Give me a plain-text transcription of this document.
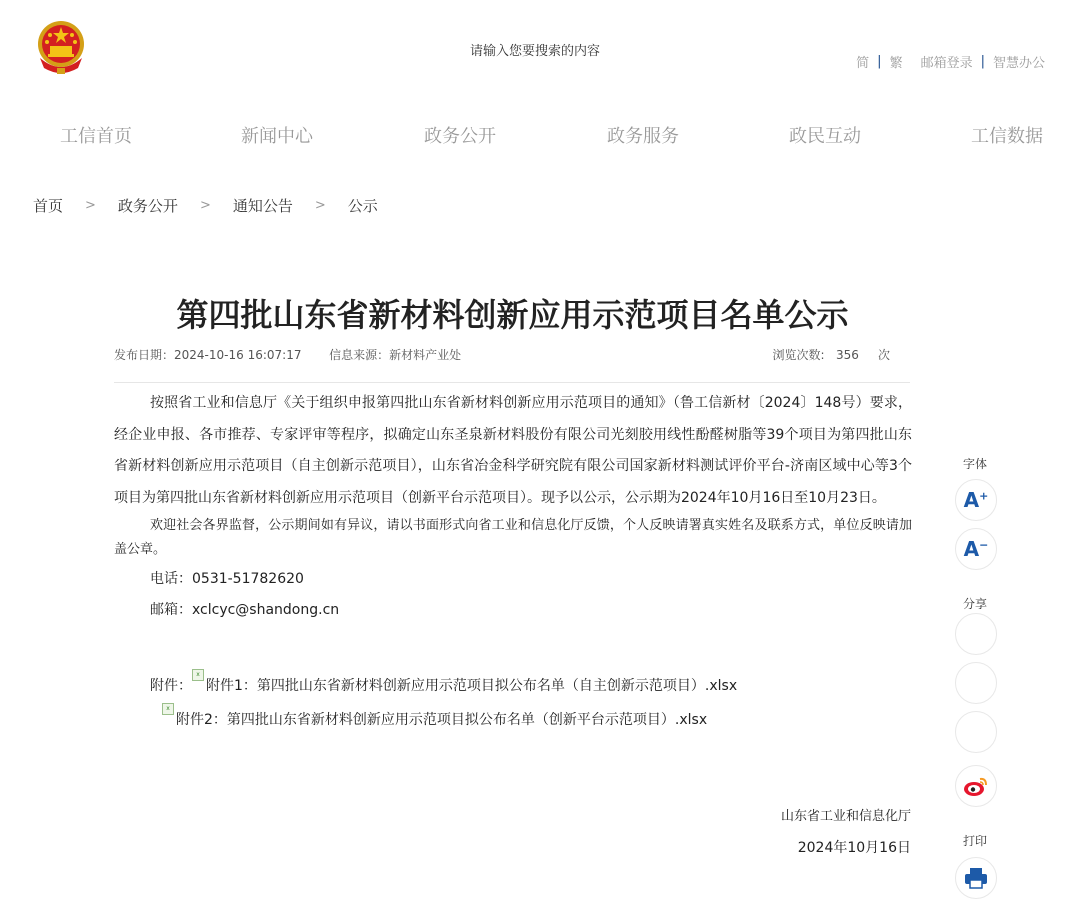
请输入您要搜索的内容
简 | 繁 邮箱登录 | 智慧办公
工信首页	新闻中心	政务公开	政务服务	政民互动	工信数据
首页 > 政务公开 > 通知公告 > 公示
第四批山东省新材料创新应用示范项目名单公示
发布日期：2024-10-16 16:07:17 信息来源：新材料产业处	浏览次数: 356 次

按照省工业和信息厅《关于组织申报第四批山东省新材料创新应用示范项目的通知》（鲁工信新材〔2024〕148号）要求，经企业申报、各市推荐、专家评审等程序，拟确定山东圣泉新材料股份有限公司光刻胶用线性酚醛树脂等39个项目为第四批山东省新材料创新应用示范项目（自主创新示范项目），山东省冶金科学研究院有限公司国家新材料测试评价平台-济南区域中心等3个项目为第四批山东省新材料创新应用示范项目（创新平台示范项目）。现予以公示，公示期为2024年10月16日至10月23日。

欢迎社会各界监督，公示期间如有异议，请以书面形式向省工业和信息化厅反馈，个人反映请署真实姓名及联系方式，单位反映请加盖公章。

电话：0531-51782620
邮箱：xclcyc@shandong.cn
附件：
x
附件1：第四批山东省新材料创新应用示范项目拟公布名单（自主创新示范项目）.xlsx
x
附件2：第四批山东省新材料创新应用示范项目拟公布名单（创新平台示范项目）.xlsx
山东省工业和信息化厅
2024年10月16日
字体
A+
A−
分享
打印
